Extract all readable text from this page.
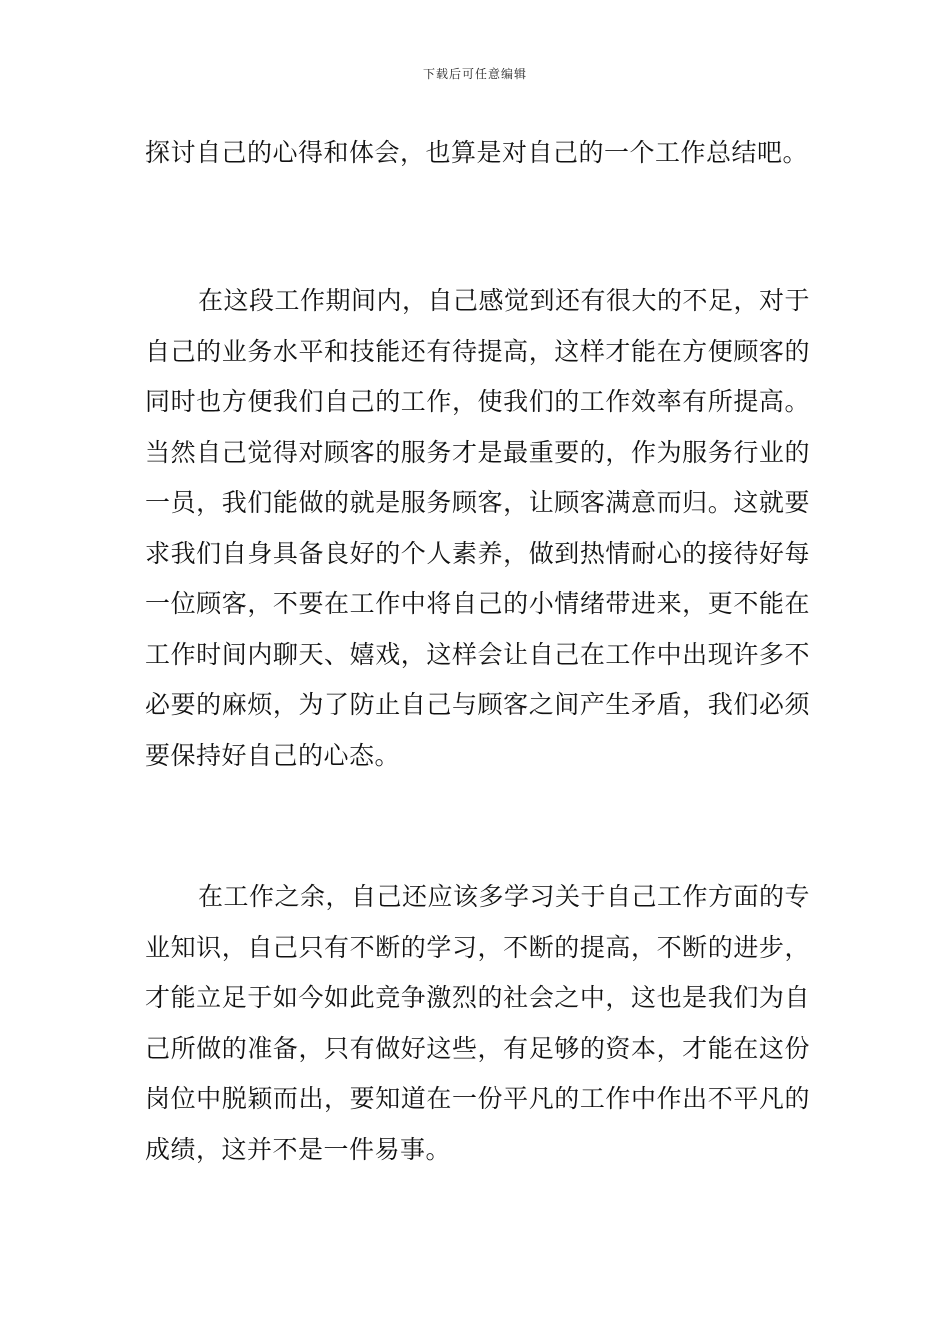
下载后可任意编辑

探讨自己的心得和体会，也算是对自己的一个工作总结吧。

在这段工作期间内，自己感觉到还有很大的不足，对于自己的业务水平和技能还有待提高，这样才能在方便顾客的同时也方便我们自己的工作，使我们的工作效率有所提高。当然自己觉得对顾客的服务才是最重要的，作为服务行业的一员，我们能做的就是服务顾客，让顾客满意而归。这就要求我们自身具备良好的个人素养，做到热情耐心的接待好每一位顾客，不要在工作中将自己的小情绪带进来，更不能在工作时间内聊天、嬉戏，这样会让自己在工作中出现许多不必要的麻烦，为了防止自己与顾客之间产生矛盾，我们必须要保持好自己的心态。

在工作之余，自己还应该多学习关于自己工作方面的专业知识，自己只有不断的学习，不断的提高，不断的进步，才能立足于如今如此竞争激烈的社会之中，这也是我们为自己所做的准备，只有做好这些，有足够的资本，才能在这份岗位中脱颖而出，要知道在一份平凡的工作中作出不平凡的成绩，这并不是一件易事。
